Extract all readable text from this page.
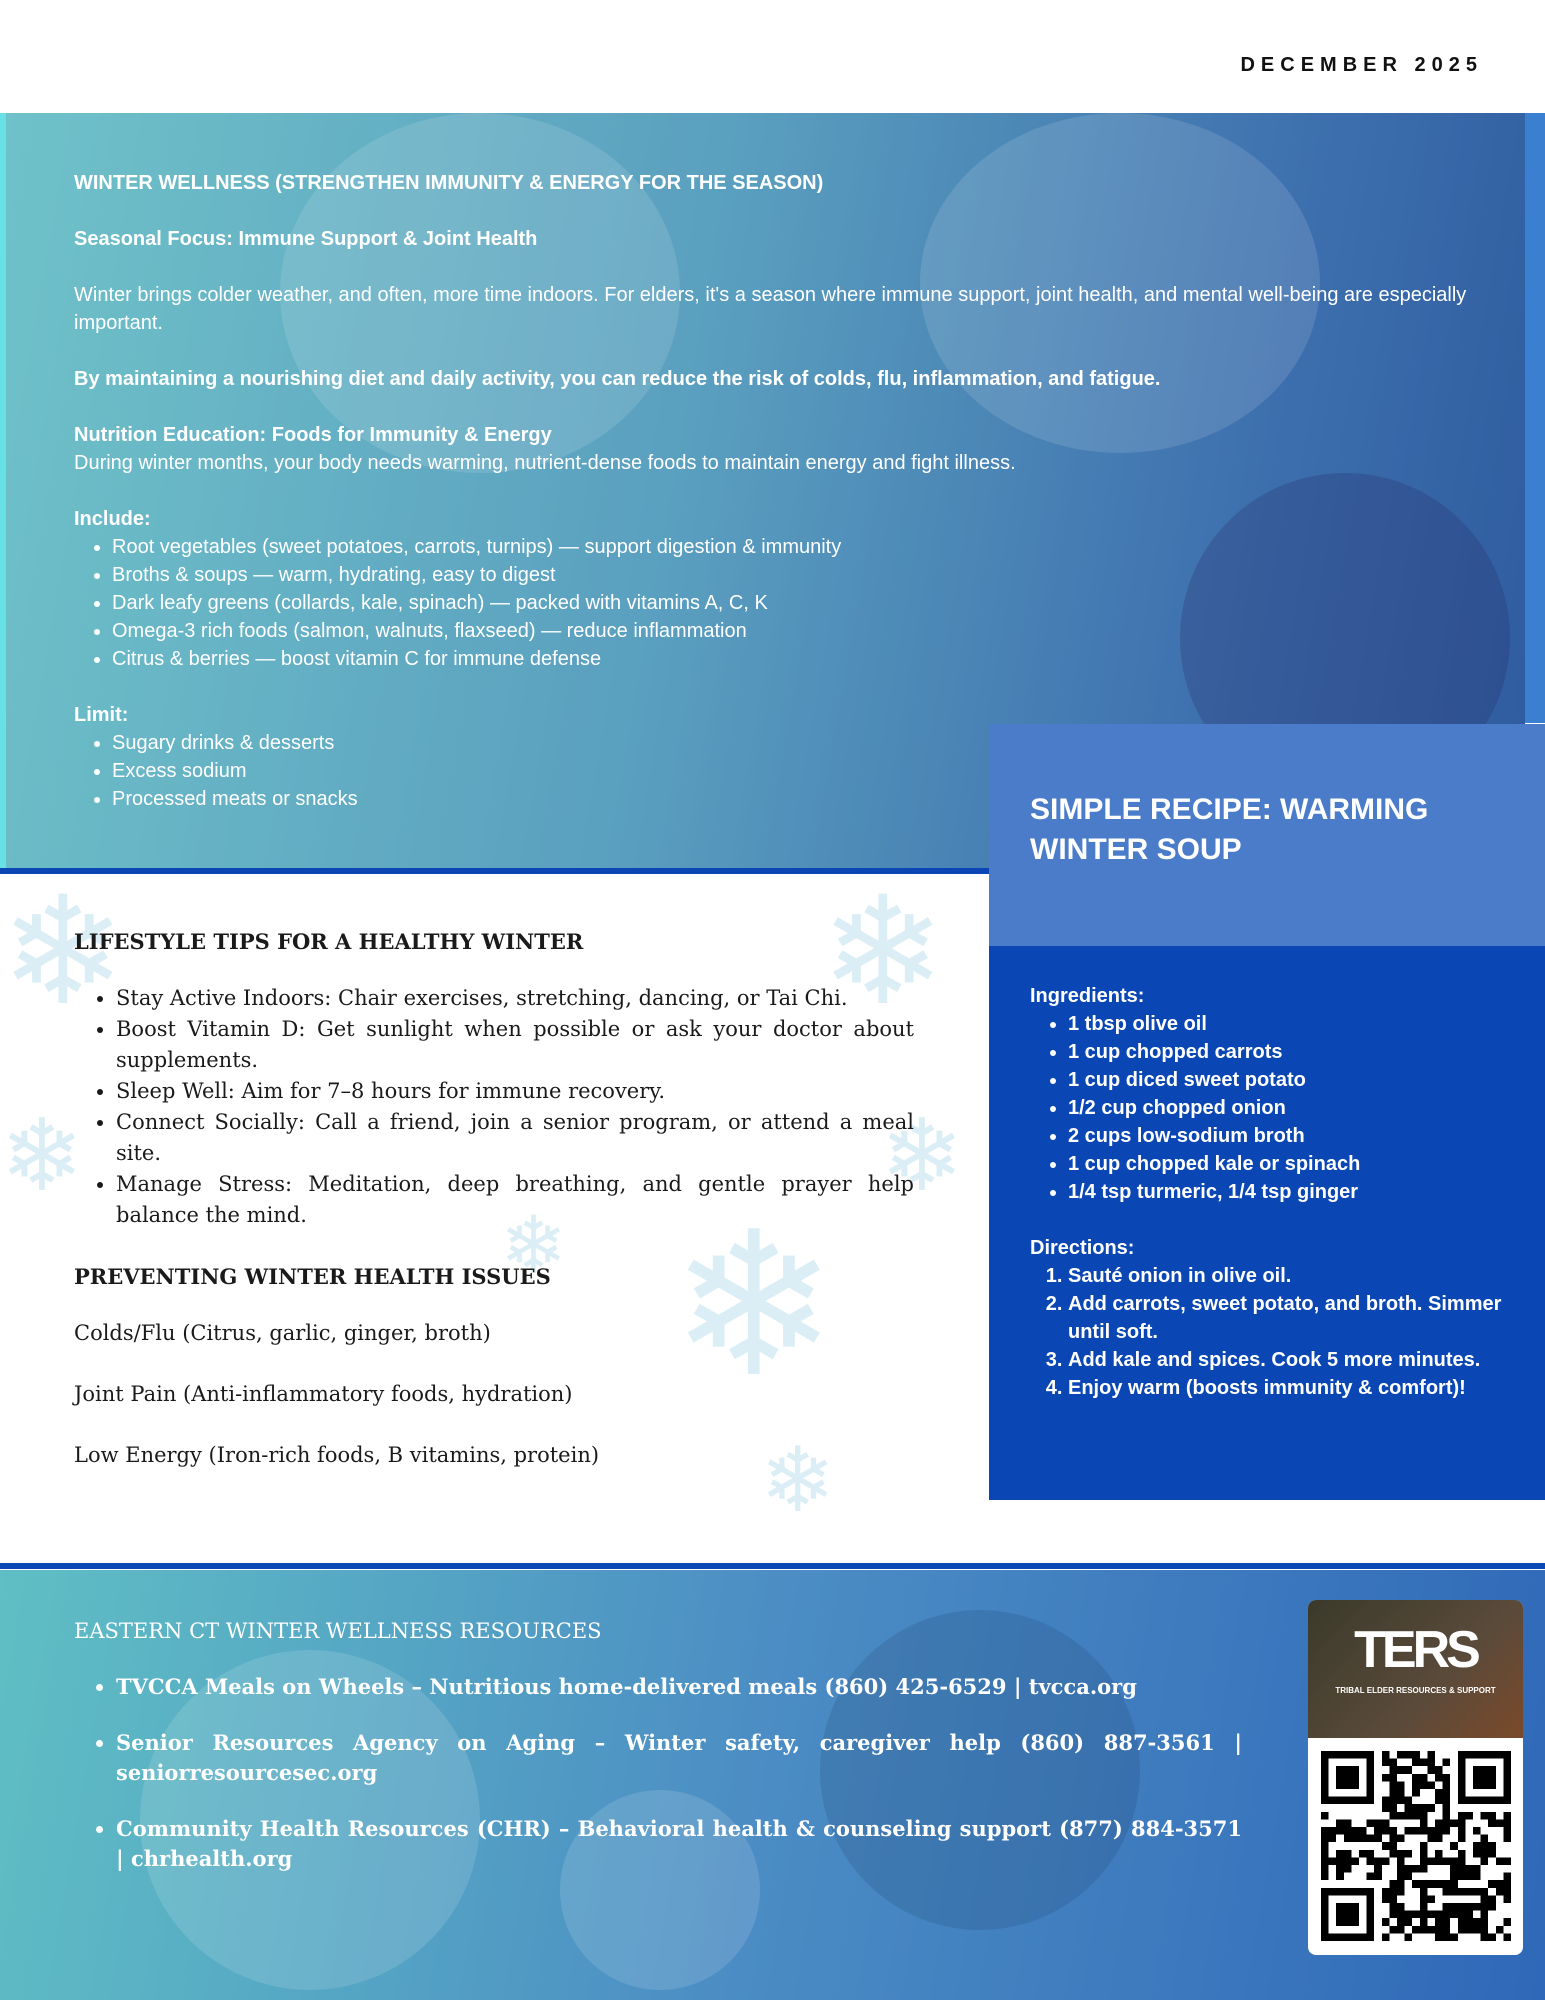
DECEMBER 2025

WINTER WELLNESS (STRENGTHEN IMMUNITY & ENERGY FOR THE SEASON)

Seasonal Focus: Immune Support & Joint Health

Winter brings colder weather, and often, more time indoors. For elders, it's a season where immune support, joint health, and mental well-being are especially important.

By maintaining a nourishing diet and daily activity, you can reduce the risk of colds, flu, inflammation, and fatigue.

Nutrition Education: Foods for Immunity & Energy

During winter months, your body needs warming, nutrient-dense foods to maintain energy and fight illness.

Include:
• Root vegetables (sweet potatoes, carrots, turnips) — support digestion & immunity
• Broths & soups — warm, hydrating, easy to digest
• Dark leafy greens (collards, kale, spinach) — packed with vitamins A, C, K
• Omega-3 rich foods (salmon, walnuts, flaxseed) — reduce inflammation
• Citrus & berries — boost vitamin C for immune defense
Limit:
• Sugary drinks & desserts
• Excess sodium
• Processed meats or snacks
❄	❄
❄
❄	❄
❄
❄
LIFESTYLE TIPS FOR A HEALTHY WINTER
• Stay Active Indoors: Chair exercises, stretching, dancing, or Tai Chi.
• Boost Vitamin D: Get sunlight when possible or ask your doctor about supplements.
• Sleep Well: Aim for 7–8 hours for immune recovery.
• Connect Socially: Call a friend, join a senior program, or attend a meal site.
• Manage Stress: Meditation, deep breathing, and gentle prayer help balance the mind.
PREVENTING WINTER HEALTH ISSUES

Colds/Flu (Citrus, garlic, ginger, broth)

Joint Pain (Anti-inflammatory foods, hydration)

Low Energy (Iron-rich foods, B vitamins, protein)

SIMPLE RECIPE: WARMING WINTER SOUP
Ingredients:
• 1 tbsp olive oil
• 1 cup chopped carrots
• 1 cup diced sweet potato
• 1/2 cup chopped onion
• 2 cups low-sodium broth
• 1 cup chopped kale or spinach
• 1/4 tsp turmeric, 1/4 tsp ginger
Directions:
1. Sauté onion in olive oil.
2. Add carrots, sweet potato, and broth. Simmer until soft.
3. Add kale and spices. Cook 5 more minutes.
4. Enjoy warm (boosts immunity & comfort)!
EASTERN CT WINTER WELLNESS RESOURCES
• TVCCA Meals on Wheels – Nutritious home-delivered meals (860) 425-6529 | tvcca.org
• Senior Resources Agency on Aging – Winter safety, caregiver help (860) 887-3561 | seniorresourcesec.org
• Community Health Resources (CHR) – Behavioral health & counseling support (877) 884-3571 | chrhealth.org
TERS
TRIBAL ELDER RESOURCES & SUPPORT
